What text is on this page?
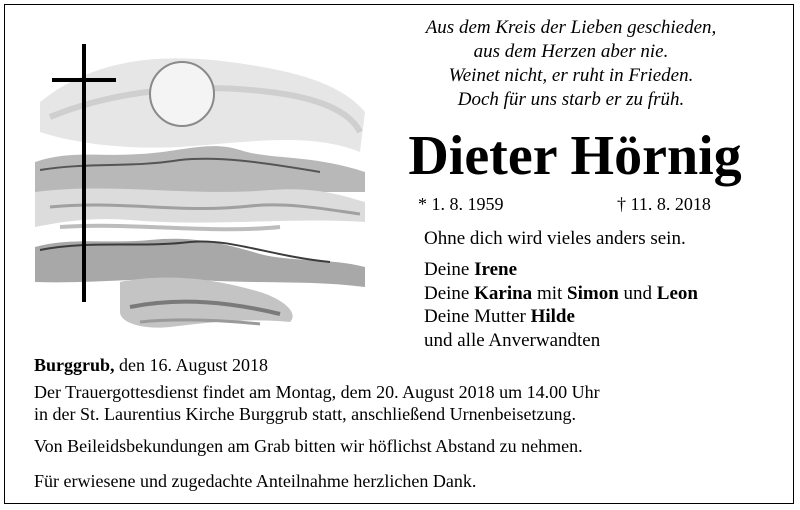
Aus dem Kreis der Lieben geschieden,
aus dem Herzen aber nie.
Weinet nicht, er ruht in Frieden.
Doch für uns starb er zu früh.
Dieter Hörnig
* 1. 8. 1959	† 11. 8. 2018
Ohne dich wird vieles anders sein.
Deine Irene
Deine Karina mit Simon und Leon
Deine Mutter Hilde
und alle Anverwandten
Burggrub, den 16. August 2018
Der Trauergottesdienst findet am Montag, dem 20. August 2018 um 14.00 Uhr
in der St. Laurentius Kirche Burggrub statt, anschließend Urnenbeisetzung.
Von Beileidsbekundungen am Grab bitten wir höflichst Abstand zu nehmen.
Für erwiesene und zugedachte Anteilnahme herzlichen Dank.
